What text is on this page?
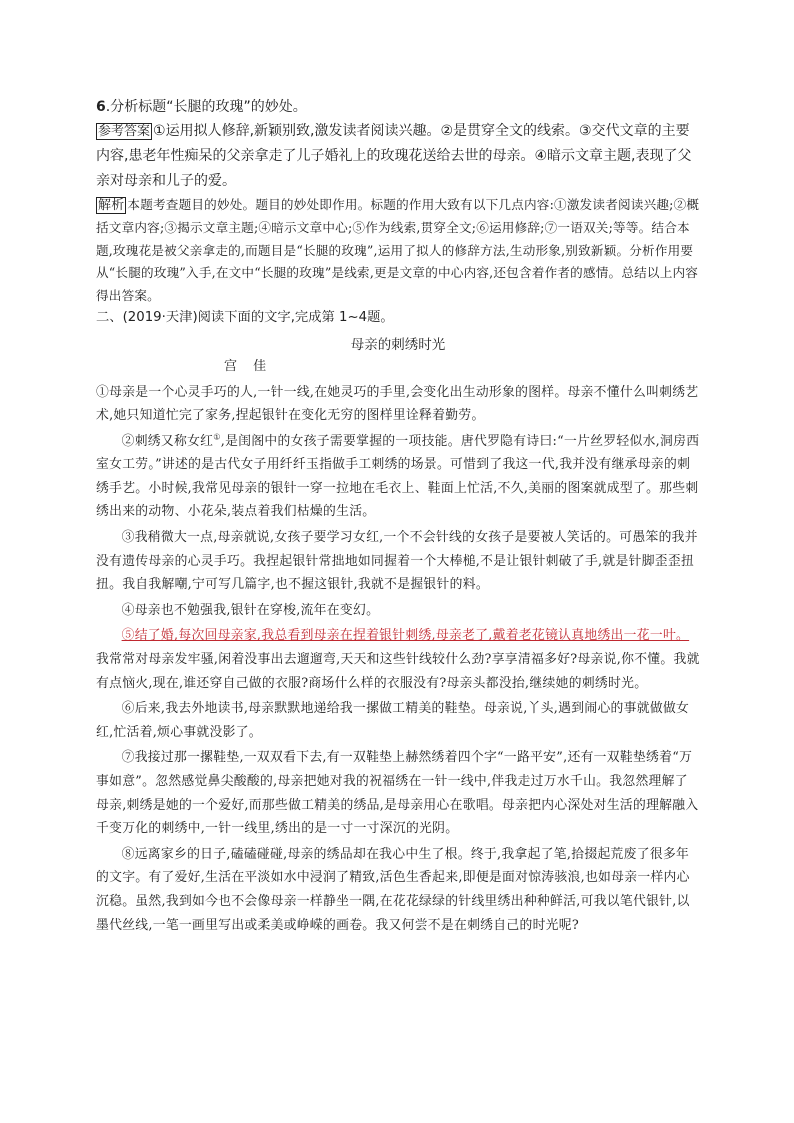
6.分析标题“长腿的玫瑰”的妙处。

参考答案 ①运用拟人修辞,新颖别致,激发读者阅读兴趣。②是贯穿全文的线索。③交代文章的主要内容,患老年性痴呆的父亲拿走了儿子婚礼上的玫瑰花送给去世的母亲。④暗示文章主题,表现了父亲对母亲和儿子的爱。

解析 本题考查题目的妙处。题目的妙处即作用。标题的作用大致有以下几点内容:①激发读者阅读兴趣;②概括文章内容;③揭示文章主题;④暗示文章中心;⑤作为线索,贯穿全文;⑥运用修辞;⑦一语双关;等等。结合本题,玫瑰花是被父亲拿走的,而题目是“长腿的玫瑰”,运用了拟人的修辞方法,生动形象,别致新颖。分析作用要从“长腿的玫瑰”入手,在文中“长腿的玫瑰”是线索,更是文章的中心内容,还包含着作者的感情。总结以上内容得出答案。

二、(2019·天津)阅读下面的文字,完成第 1~4题。

母亲的刺绣时光

宫 佳

①母亲是一个心灵手巧的人,一针一线,在她灵巧的手里,会变化出生动形象的图样。母亲不懂什么叫刺绣艺术,她只知道忙完了家务,捏起银针在变化无穷的图样里诠释着勤劳。

②刺绣又称女红①,是闺阁中的女孩子需要掌握的一项技能。唐代罗隐有诗曰:“一片丝罗轻似水,洞房西室女工劳。”讲述的是古代女子用纤纤玉指做手工刺绣的场景。可惜到了我这一代,我并没有继承母亲的刺绣手艺。小时候,我常见母亲的银针一穿一拉地在毛衣上、鞋面上忙活,不久,美丽的图案就成型了。那些刺绣出来的动物、小花朵,装点着我们枯燥的生活。

③我稍微大一点,母亲就说,女孩子要学习女红,一个不会针线的女孩子是要被人笑话的。可愚笨的我并没有遗传母亲的心灵手巧。我捏起银针常拙地如同握着一个大棒槌,不是让银针刺破了手,就是针脚歪歪扭扭。我自我解嘲,宁可写几篇字,也不握这银针,我就不是握银针的料。

④母亲也不勉强我,银针在穿梭,流年在变幻。

⑤结了婚,每次回母亲家,我总看到母亲在捏着银针刺绣,母亲老了,戴着老花镜认真地绣出一花一叶。我常常对母亲发牢骚,闲着没事出去遛遛弯,天天和这些针线较什么劲?享享清福多好?母亲说,你不懂。我就有点恼火,现在,谁还穿自己做的衣服?商场什么样的衣服没有?母亲头都没抬,继续她的刺绣时光。

⑥后来,我去外地读书,母亲默默地递给我一摞做工精美的鞋垫。母亲说,丫头,遇到闹心的事就做做女红,忙活着,烦心事就没影了。

⑦我接过那一摞鞋垫,一双双看下去,有一双鞋垫上赫然绣着四个字“一路平安”,还有一双鞋垫绣着“万事如意”。忽然感觉鼻尖酸酸的,母亲把她对我的祝福绣在一针一线中,伴我走过万水千山。我忽然理解了母亲,刺绣是她的一个爱好,而那些做工精美的绣品,是母亲用心在歌唱。母亲把内心深处对生活的理解融入千变万化的刺绣中,一针一线里,绣出的是一寸一寸深沉的光阴。

⑧远离家乡的日子,磕磕碰碰,母亲的绣品却在我心中生了根。终于,我拿起了笔,拾掇起荒废了很多年的文字。有了爱好,生活在平淡如水中浸润了精致,活色生香起来,即便是面对惊涛骇浪,也如母亲一样内心沉稳。虽然,我到如今也不会像母亲一样静坐一隅,在花花绿绿的针线里绣出种种鲜活,可我以笔代银针,以墨代丝线,一笔一画里写出或柔美或峥嵘的画卷。我又何尝不是在刺绣自己的时光呢?
